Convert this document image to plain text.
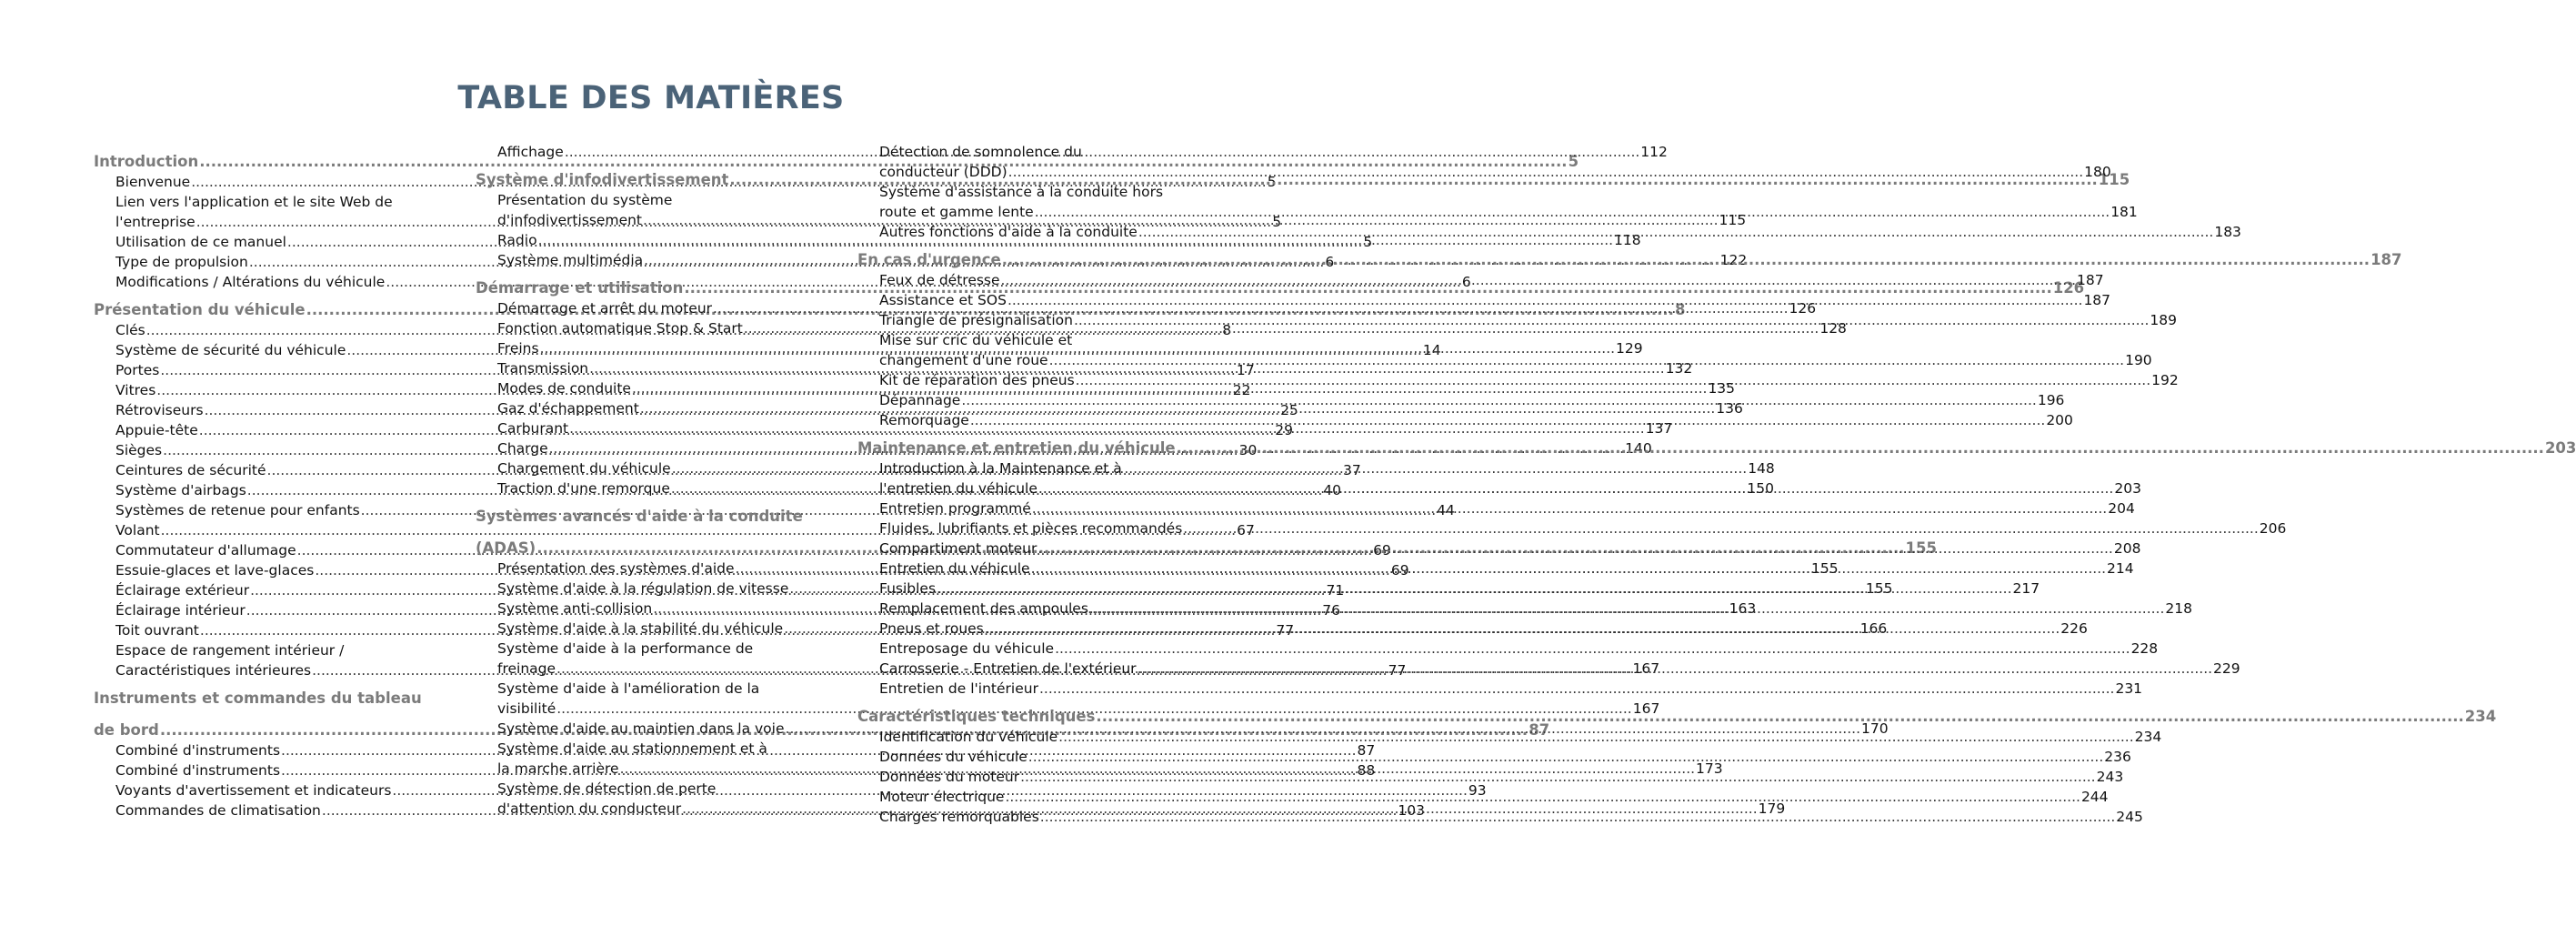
TABLE DES MATIÈRES
Introduction .....	5
Bienvenue .....	5
Lien vers l'application et le site Web de
l'entreprise .....	5
Utilisation de ce manuel .....	5
Type de propulsion .....	6
Modifications / Altérations du véhicule .....	6
Présentation du véhicule .....	8
Clés .....	8
Système de sécurité du véhicule .....	14
Portes .....	17
Vitres .....	22
Rétroviseurs .....	25
Appuie-tête .....	29
Sièges .....	30
Ceintures de sécurité .....	37
Système d'airbags .....	40
Systèmes de retenue pour enfants .....	44
Volant .....	67
Commutateur d'allumage .....	69
Essuie-glaces et lave-glaces .....	69
Éclairage extérieur .....	71
Éclairage intérieur .....	76
Toit ouvrant .....	77
Espace de rangement intérieur /
Caractéristiques intérieures .....	77
Instruments et commandes du tableau
de bord .....	87
Combiné d'instruments .....	87
Combiné d'instruments .....	88
Voyants d'avertissement et indicateurs .....	93
Commandes de climatisation .....	103
Affichage .....	112
Système d'infodivertissement .....	115
Présentation du système
d'infodivertissement .....	115
Radio .....	118
Système multimédia .....	122
Démarrage et utilisation .....	126
Démarrage et arrêt du moteur .....	126
Fonction automatique Stop & Start .....	128
Freins .....	129
Transmission .....	132
Modes de conduite .....	135
Gaz d'échappement .....	136
Carburant .....	137
Charge .....	140
Chargement du véhicule .....	148
Traction d'une remorque .....	150
Systèmes avancés d'aide à la conduite
(ADAS) .....	155
Présentation des systèmes d'aide .....	155
Système d'aide à la régulation de vitesse .....	155
Système anti-collision .....	163
Système d'aide à la stabilité du véhicule .....	166
Système d'aide à la performance de
freinage .....	167
Système d'aide à l'amélioration de la
visibilité .....	167
Système d'aide au maintien dans la voie .....	170
Système d'aide au stationnement et à
la marche arrière .....	173
Système de détection de perte
d'attention du conducteur .....	179
Détection de somnolence du
conducteur (DDD) .....	180
Système d'assistance à la conduite hors
route et gamme lente .....	181
Autres fonctions d'aide à la conduite .....	183
En cas d'urgence .....	187
Feux de détresse .....	187
Assistance et SOS .....	187
Triangle de présignalisation .....	189
Mise sur cric du véhicule et
changement d'une roue .....	190
Kit de réparation des pneus .....	192
Dépannage .....	196
Remorquage .....	200
Maintenance et entretien du véhicule .....	203
Introduction à la Maintenance et à
l'entretien du véhicule .....	203
Entretien programmé .....	204
Fluides, lubrifiants et pièces recommandés .....	206
Compartiment moteur .....	208
Entretien du véhicule .....	214
Fusibles .....	217
Remplacement des ampoules .....	218
Pneus et roues .....	226
Entreposage du véhicule .....	228
Carrosserie - Entretien de l'extérieur .....	229
Entretien de l'intérieur .....	231
Caractéristiques techniques .....	234
Identification du véhicule .....	234
Données du véhicule .....	236
Données du moteur .....	243
Moteur électrique .....	244
Charges remorquables .....	245
